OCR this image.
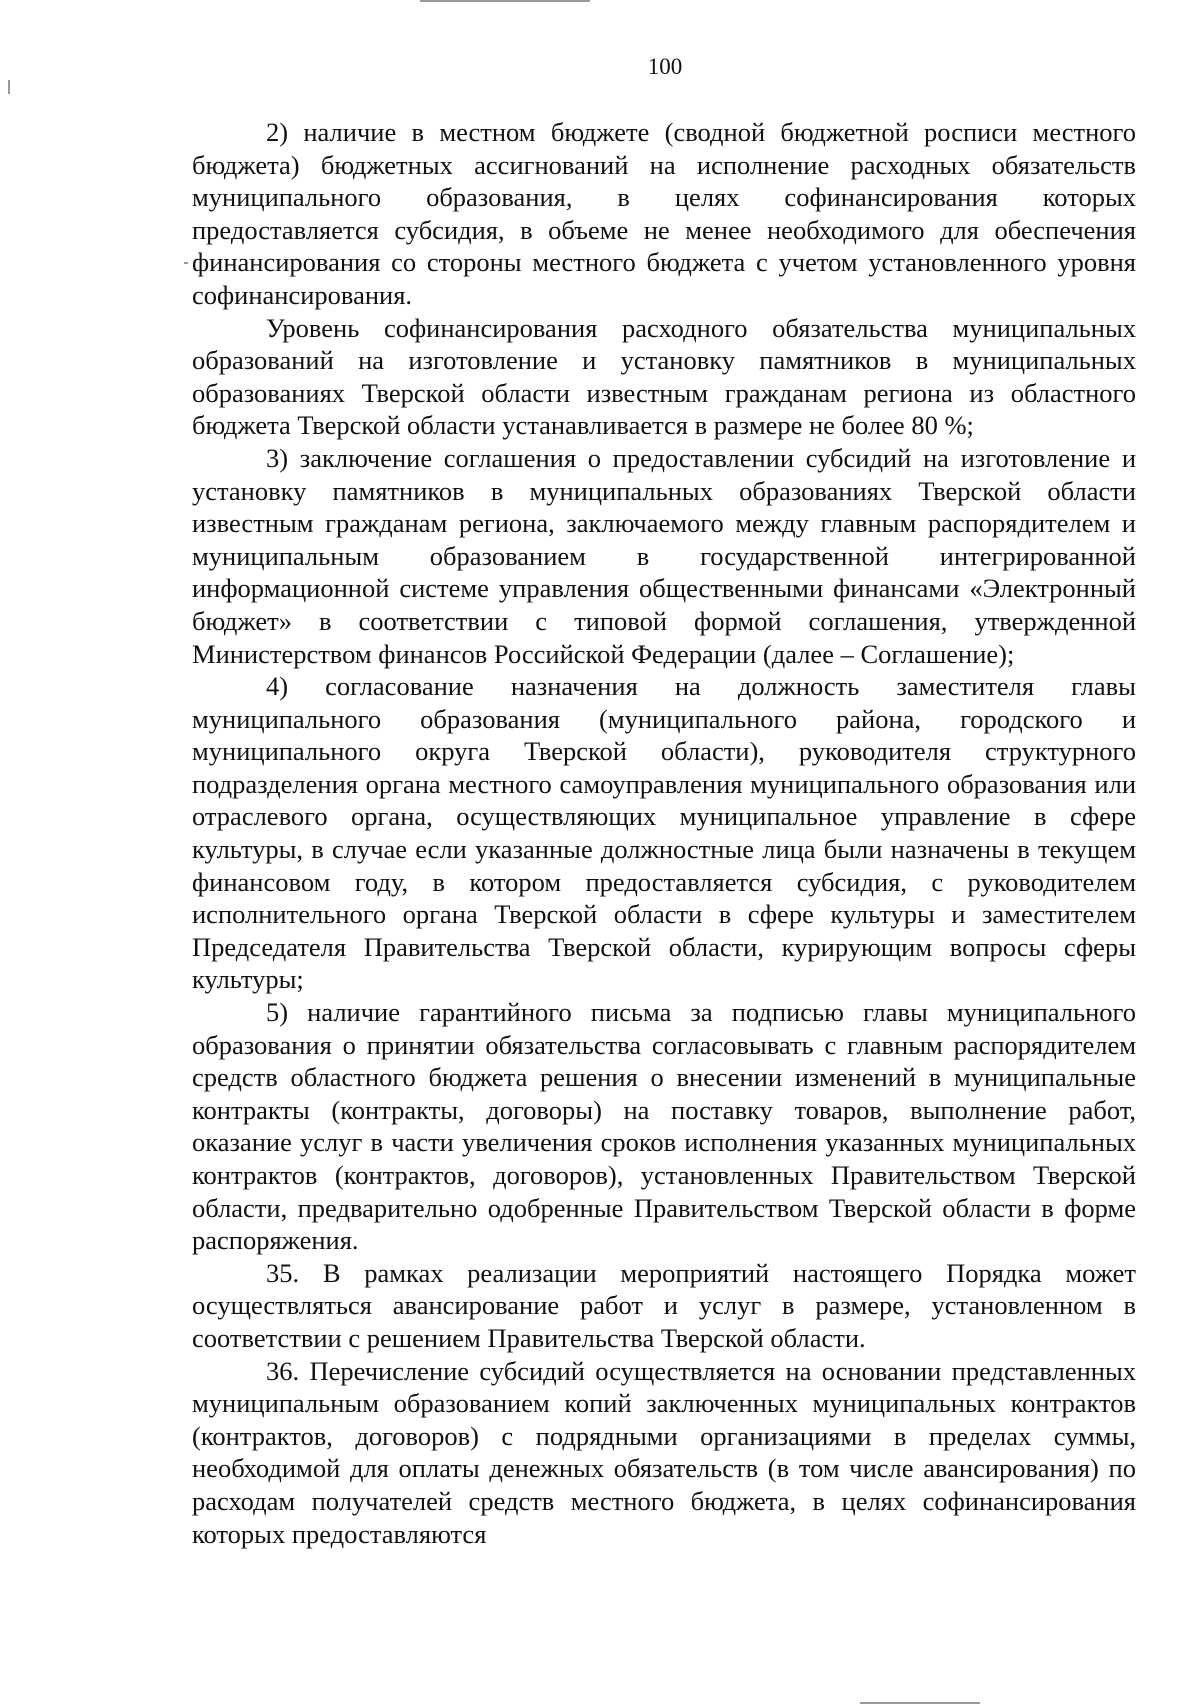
100

2) наличие в местном бюджете (сводной бюджетной росписи местного бюджета) бюджетных ассигнований на исполнение расходных обязательств муниципального образования, в целях софинансирования которых предоставляется субсидия, в объеме не менее необходимого для обеспечения финансирования со стороны местного бюджета с учетом установленного уровня софинансирования.

Уровень софинансирования расходного обязательства муниципальных образований на изготовление и установку памятников в муниципальных образованиях Тверской области известным гражданам региона из областного бюджета Тверской области устанавливается в размере не более 80 %;

3) заключение соглашения о предоставлении субсидий на изготовление и установку памятников в муниципальных образованиях Тверской области известным гражданам региона, заключаемого между главным распорядителем и муниципальным образованием в государственной интегрированной информационной системе управления общественными финансами «Электронный бюджет» в соответствии с типовой формой соглашения, утвержденной Министерством финансов Российской Федерации (далее – Соглашение);

4) согласование назначения на должность заместителя главы муниципального образования (муниципального района, городского и муниципального округа Тверской области), руководителя структурного подразделения органа местного самоуправления муниципального образования или отраслевого органа, осуществляющих муниципальное управление в сфере культуры, в случае если указанные должностные лица были назначены в текущем финансовом году, в котором предоставляется субсидия, с руководителем исполнительного органа Тверской области в сфере культуры и заместителем Председателя Правительства Тверской области, курирующим вопросы сферы культуры;

5) наличие гарантийного письма за подписью главы муниципального образования о принятии обязательства согласовывать с главным распорядителем средств областного бюджета решения о внесении изменений в муниципальные контракты (контракты, договоры) на поставку товаров, выполнение работ, оказание услуг в части увеличения сроков исполнения указанных муниципальных контрактов (контрактов, договоров), установленных Правительством Тверской области, предварительно одобренные Правительством Тверской области в форме распоряжения.

35. В рамках реализации мероприятий настоящего Порядка может осуществляться авансирование работ и услуг в размере, установленном в соответствии с решением Правительства Тверской области.

36. Перечисление субсидий осуществляется на основании представленных муниципальным образованием копий заключенных муниципальных контрактов (контрактов, договоров) с подрядными организациями в пределах суммы, необходимой для оплаты денежных обязательств (в том числе авансирования) по расходам получателей средств местного бюджета, в целях софинансирования которых предоставляются
